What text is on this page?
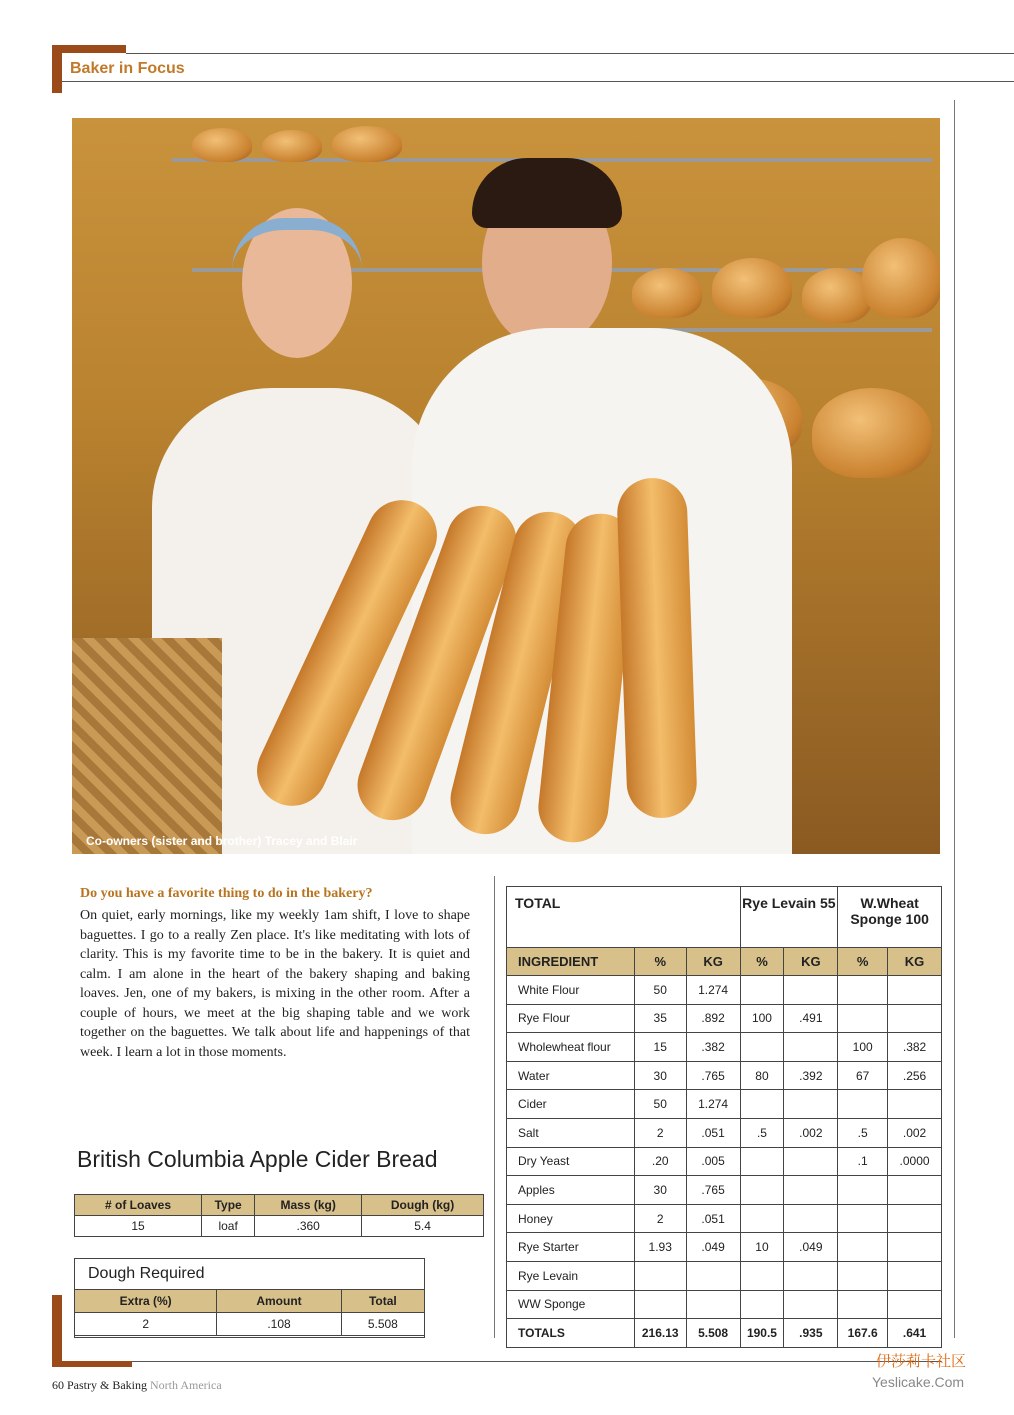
Baker in Focus
Co-owners (sister and brother) Tracey and Blair
Do you have a favorite thing to do in the bakery?
On quiet, early mornings, like my weekly 1am shift, I love to shape baguettes. I go to a really Zen place. It's like meditating with lots of clarity. This is my favorite time to be in the bakery. It is quiet and calm. I am alone in the heart of the bakery shaping and baking loaves. Jen, one of my bakers, is mixing in the other room. After a couple of hours, we meet at the big shaping table and we work together on the baguettes. We talk about life and happenings of that week. I learn a lot in those moments.
British Columbia Apple Cider Bread
# of Loaves	Type	Mass (kg)	Dough (kg)
15	loaf	.360	5.4
Dough Required
Extra (%)	Amount	Total
2	.108	5.508
TOTAL			Rye Levain 55		W.Wheat Sponge 100	
INGREDIENT	%	KG	%	KG	%	KG
White Flour	50	1.274				
Rye Flour	35	.892	100	.491		
Wholewheat flour	15	.382			100	.382
Water	30	.765	80	.392	67	.256
Cider	50	1.274				
Salt	2	.051	.5	.002	.5	.002
Dry Yeast	.20	.005			.1	.0000
Apples	30	.765				
Honey	2	.051				
Rye Starter	1.93	.049	10	.049		
Rye Levain						
WW Sponge						
TOTALS	216.13	5.508	190.5	.935	167.6	.641
60 Pastry & Baking North America
伊莎莉卡社区
Yeslicake.Com
